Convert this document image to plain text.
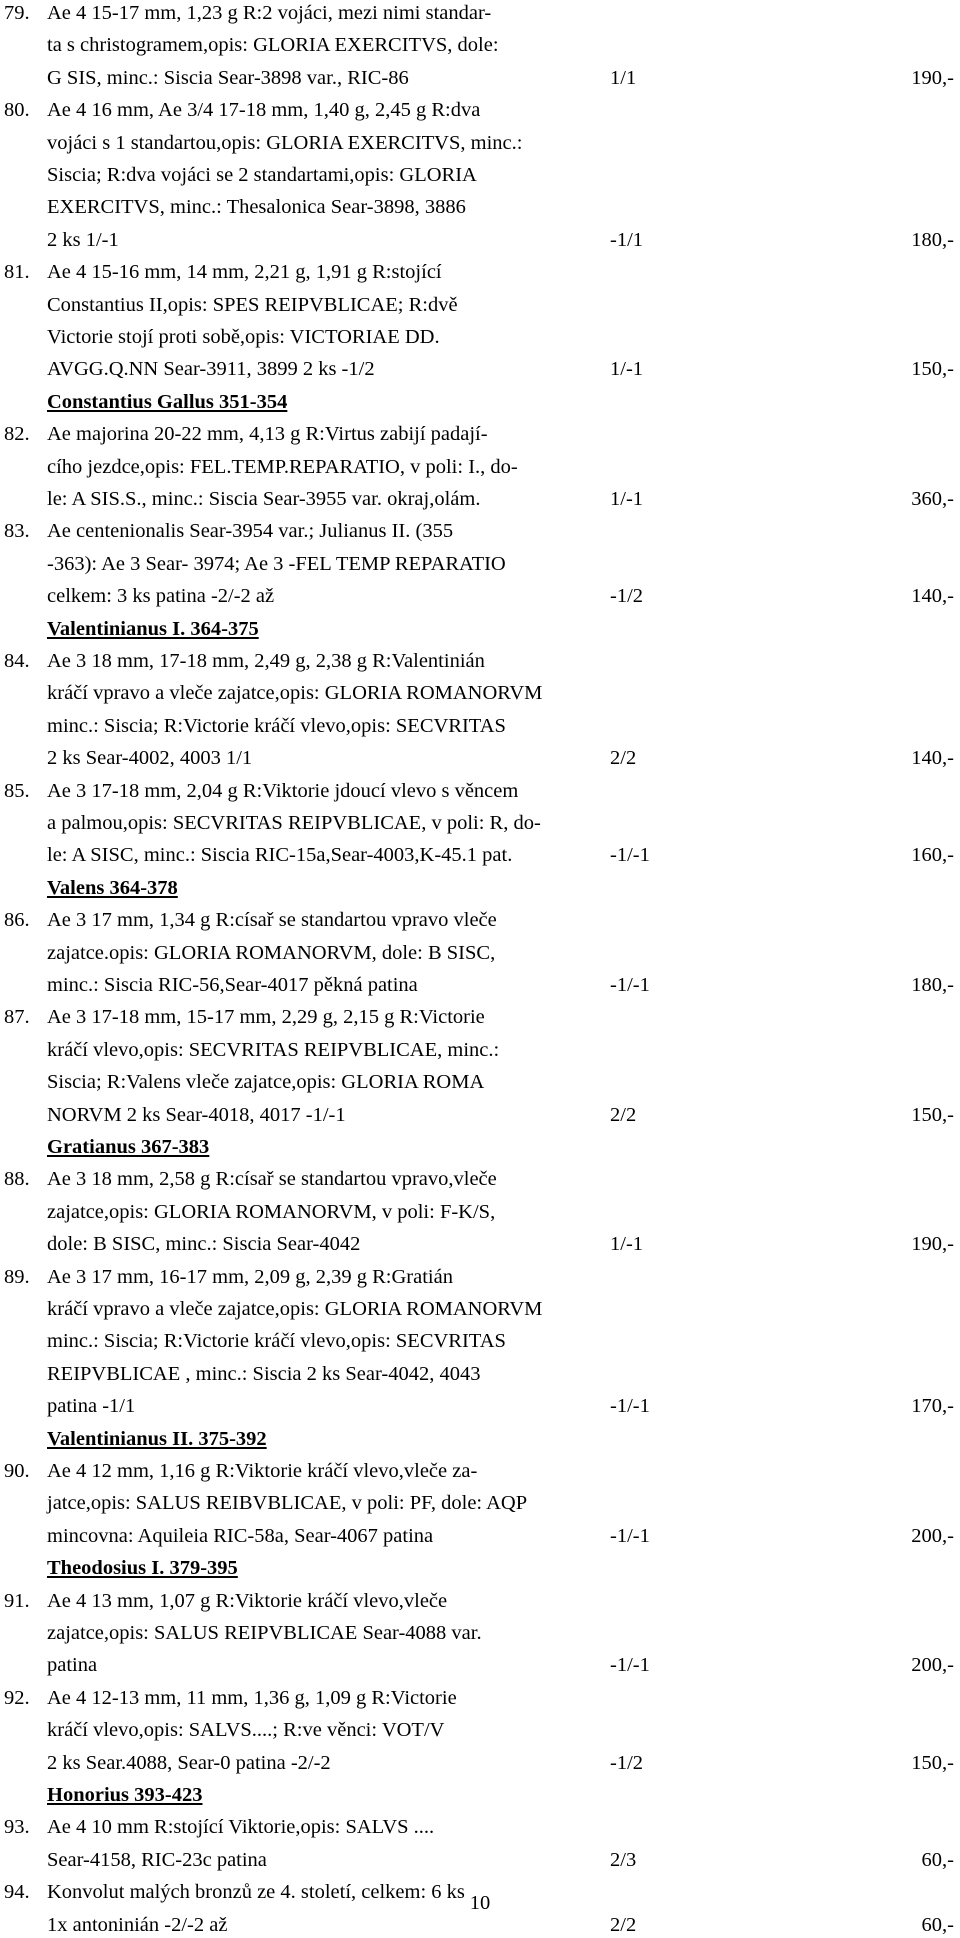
79. Ae 4 15-17 mm, 1,23 g R:2 vojáci, mezi nimi standar-
ta s christogramem,opis: GLORIA EXERCITVS, dole:
G SIS, minc.: Siscia Sear-3898 var., RIC-86	1/1	190,-
80. Ae 4 16 mm, Ae 3/4 17-18 mm, 1,40 g, 2,45 g R:dva
vojáci s 1 standartou,opis: GLORIA EXERCITVS, minc.:
Siscia; R:dva vojáci se 2 standartami,opis: GLORIA
EXERCITVS, minc.: Thesalonica Sear-3898, 3886
2 ks 1/-1	-1/1	180,-
81. Ae 4 15-16 mm, 14 mm, 2,21 g, 1,91 g R:stojící
Constantius II,opis: SPES REIPVBLICAE; R:dvě
Victorie stojí proti sobě,opis: VICTORIAE DD.
AVGG.Q.NN Sear-3911, 3899 2 ks -1/2	1/-1	150,-
Constantius Gallus 351-354
82. Ae majorina 20-22 mm, 4,13 g R:Virtus zabijí padají-
cího jezdce,opis: FEL.TEMP.REPARATIO, v poli: I., do-
le: A SIS.S., minc.: Siscia Sear-3955 var. okraj,olám.	1/-1	360,-
83. Ae centenionalis Sear-3954 var.; Julianus II. (355
-363): Ae 3 Sear- 3974; Ae 3 -FEL TEMP REPARATIO
celkem: 3 ks patina -2/-2 až	-1/2	140,-
Valentinianus I. 364-375
84. Ae 3 18 mm, 17-18 mm, 2,49 g, 2,38 g R:Valentinián
kráčí vpravo a vleče zajatce,opis: GLORIA ROMANORVM
minc.: Siscia; R:Victorie kráčí vlevo,opis: SECVRITAS
2 ks Sear-4002, 4003 1/1	2/2	140,-
85. Ae 3 17-18 mm, 2,04 g R:Viktorie jdoucí vlevo s věncem
a palmou,opis: SECVRITAS REIPVBLICAE, v poli: R, do-
le: A SISC, minc.: Siscia RIC-15a,Sear-4003,K-45.1 pat.	-1/-1	160,-
Valens 364-378
86. Ae 3 17 mm, 1,34 g R:císař se standartou vpravo vleče
zajatce.opis: GLORIA ROMANORVM, dole: B SISC,
minc.: Siscia RIC-56,Sear-4017 pěkná patina	-1/-1	180,-
87. Ae 3 17-18 mm, 15-17 mm, 2,29 g, 2,15 g R:Victorie
kráčí vlevo,opis: SECVRITAS REIPVBLICAE, minc.:
Siscia; R:Valens vleče zajatce,opis: GLORIA ROMA
NORVM 2 ks Sear-4018, 4017 -1/-1	2/2	150,-
Gratianus 367-383
88. Ae 3 18 mm, 2,58 g R:císař se standartou vpravo,vleče
zajatce,opis: GLORIA ROMANORVM, v poli: F-K/S,
dole: B SISC, minc.: Siscia Sear-4042	1/-1	190,-
89. Ae 3 17 mm, 16-17 mm, 2,09 g, 2,39 g R:Gratián
kráčí vpravo a vleče zajatce,opis: GLORIA ROMANORVM
minc.: Siscia; R:Victorie kráčí vlevo,opis: SECVRITAS
REIPVBLICAE , minc.: Siscia 2 ks Sear-4042, 4043
patina -1/1	-1/-1	170,-
Valentinianus II. 375-392
90. Ae 4 12 mm, 1,16 g R:Viktorie kráčí vlevo,vleče za-
jatce,opis: SALUS REIBVBLICAE, v poli: PF, dole: AQP
mincovna: Aquileia RIC-58a, Sear-4067 patina	-1/-1	200,-
Theodosius I. 379-395
91. Ae 4 13 mm, 1,07 g R:Viktorie kráčí vlevo,vleče
zajatce,opis: SALUS REIPVBLICAE Sear-4088 var.
patina	-1/-1	200,-
92. Ae 4 12-13 mm, 11 mm, 1,36 g, 1,09 g R:Victorie
kráčí vlevo,opis: SALVS....; R:ve věnci: VOT/V
2 ks Sear.4088, Sear-0 patina -2/-2	-1/2	150,-
Honorius 393-423
93. Ae 4 10 mm R:stojící Viktorie,opis: SALVS ....
Sear-4158, RIC-23c patina	2/3	60,-
94. Konvolut malých bronzů ze 4. století, celkem: 6 ks
1x antoninián -2/-2 až	2/2	60,-
10
